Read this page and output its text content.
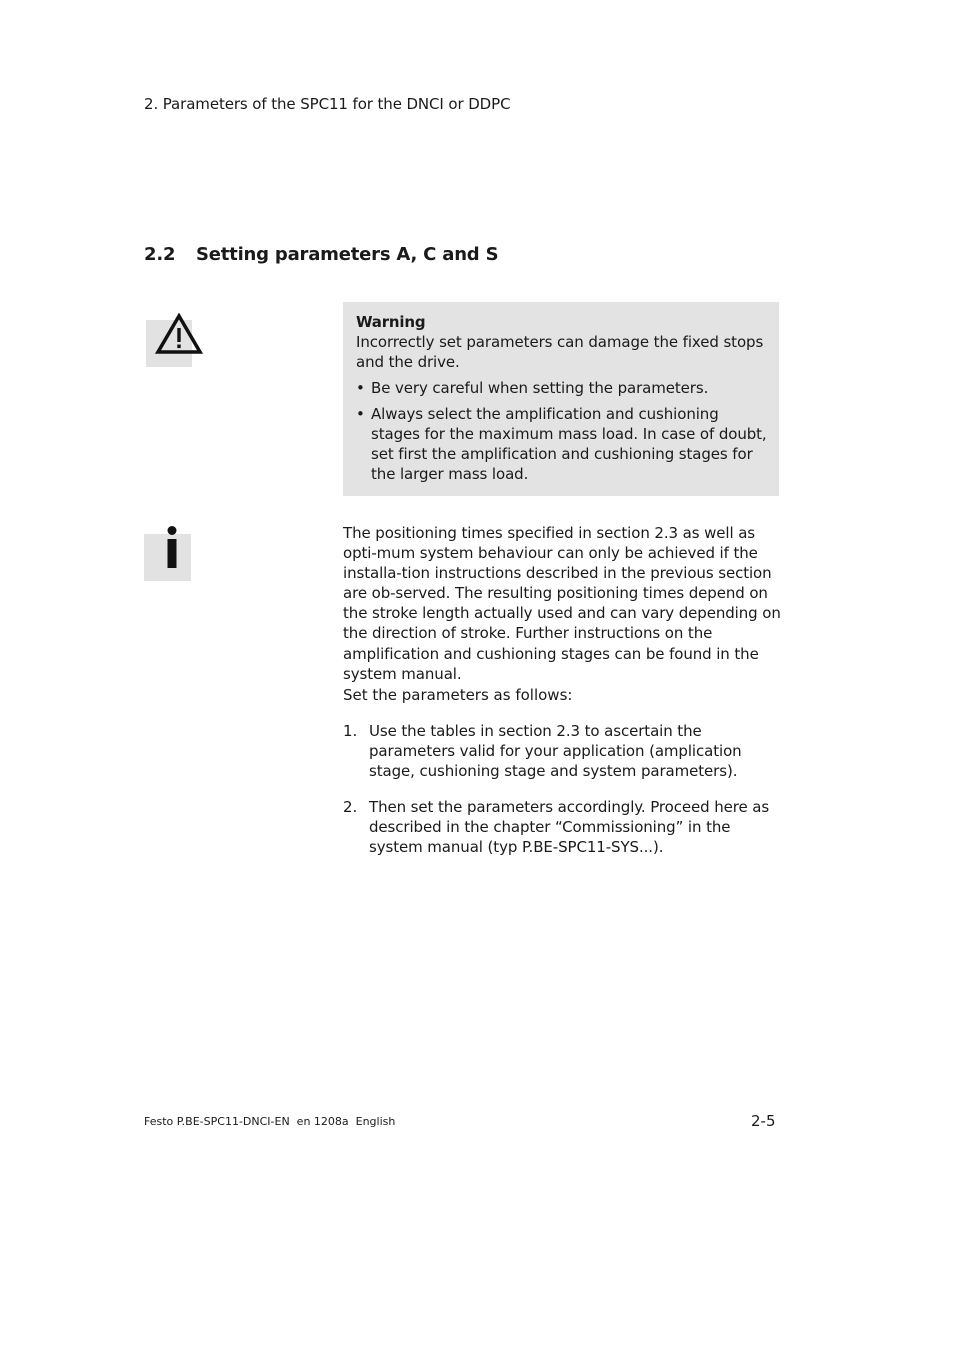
2. Parameters of the SPC11 for the DNCI or DDPC
2.2 Setting parameters A, C and S

Warning

Incorrectly set parameters can damage the fixed stops and the drive.

• Be very careful when setting the parameters.
• Always select the amplification and cushioning stages for the maximum mass load. In case of doubt, set first the amplification and cushioning stages for the larger mass load.

The positioning times specified in section 2.3 as well as opti-mum system behaviour can only be achieved if the installa-tion instructions described in the previous section are ob-served. The resulting positioning times depend on the stroke length actually used and can vary depending on the direction of stroke. Further instructions on the amplification and cushioning stages can be found in the system manual.

Set the parameters as follows:
1. Use the tables in section 2.3 to ascertain the parameters valid for your application (amplication stage, cushioning stage and system parameters).
2. Then set the parameters accordingly. Proceed here as described in the chapter “Commissioning” in the system manual (typ P.BE-SPC11-SYS...).
Festo P.BE-SPC11-DNCI-EN  en 1208a  English	2-5
